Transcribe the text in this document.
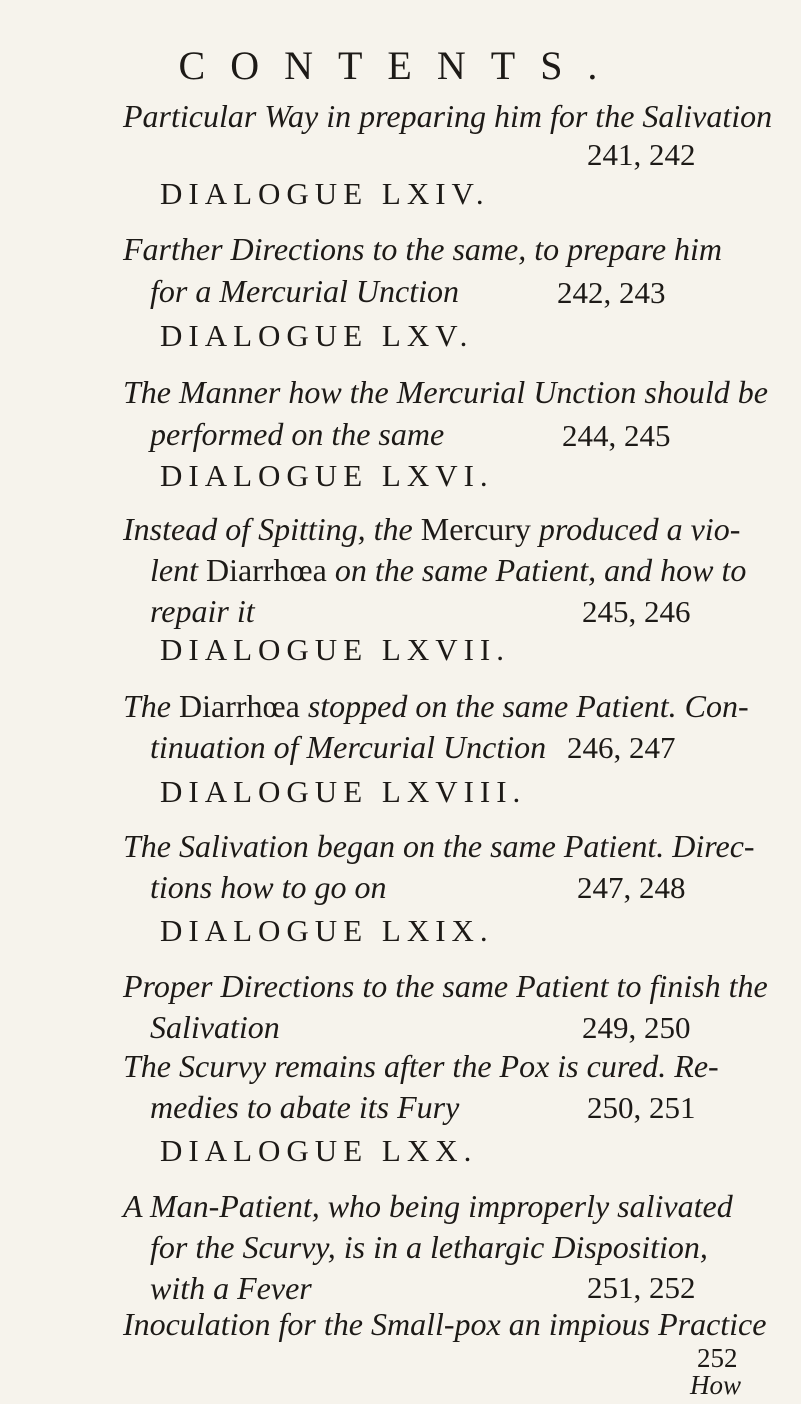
CONTENTS.
Particular Way in preparing him for the Salivation
241, 242
DIALOGUE LXIV.
Farther Directions to the same, to prepare him
for a Mercurial Unction	242, 243
DIALOGUE LXV.
The Manner how the Mercurial Unction should be
performed on the same	244, 245
DIALOGUE LXVI.
Instead of Spitting, the Mercury produced a vio-
lent Diarrhœa on the same Patient, and how to
repair it	245, 246
DIALOGUE LXVII.
The Diarrhœa stopped on the same Patient. Con-
tinuation of Mercurial Unction 246, 247
DIALOGUE LXVIII.
The Salivation began on the same Patient. Direc-
tions how to go on	247, 248
DIALOGUE LXIX.
Proper Directions to the same Patient to finish the
Salivation	249, 250
The Scurvy remains after the Pox is cured. Re-
medies to abate its Fury	250, 251
DIALOGUE LXX.
A Man-Patient, who being improperly salivated
for the Scurvy, is in a lethargic Disposition,
with a Fever	251, 252
Inoculation for the Small-pox an impious Practice
252
How
